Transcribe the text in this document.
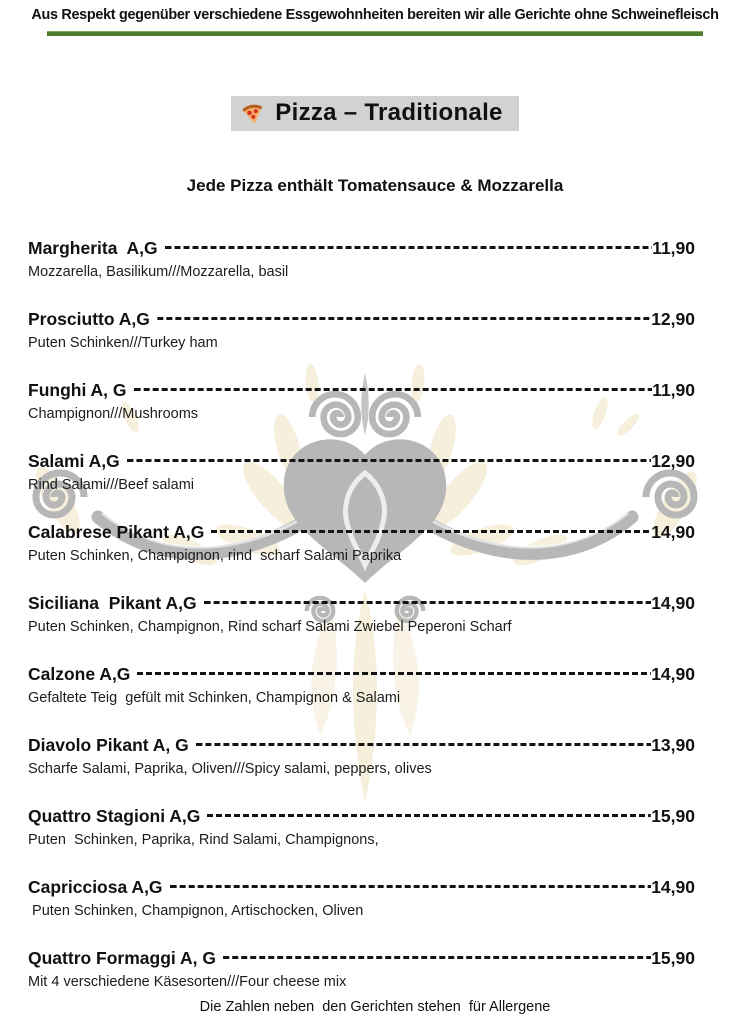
Aus Respekt gegenüber verschiedene Essgewohnheiten bereiten wir alle Gerichte ohne Schweinefleisch
Pizza – Traditionale
Jede Pizza enthält Tomatensauce & Mozzarella
Margherita  A,G	11,90
Mozzarella, Basilikum///Mozzarella, basil
Prosciutto A,G	12,90
Puten Schinken///Turkey ham
Funghi A, G	11,90
Champignon///Mushrooms
Salami A,G	12,90
Rind Salami///Beef salami
Calabrese Pikant A,G	14,90
Puten Schinken, Champignon, rind  scharf Salami Paprika
Siciliana  Pikant A,G	14,90
Puten Schinken, Champignon, Rind scharf Salami Zwiebel Peperoni Scharf
Calzone A,G	14,90
Gefaltete Teig  gefült mit Schinken, Champignon & Salami
Diavolo Pikant A, G	13,90
Scharfe Salami, Paprika, Oliven///Spicy salami, peppers, olives
Quattro Stagioni A,G	15,90
Puten  Schinken, Paprika, Rind Salami, Champignons,
Capricciosa A,G	14,90
Puten Schinken, Champignon, Artischocken, Oliven
Quattro Formaggi A, G	15,90
Mit 4 verschiedene Käsesorten///Four cheese mix
Die Zahlen neben  den Gerichten stehen  für Allergene
